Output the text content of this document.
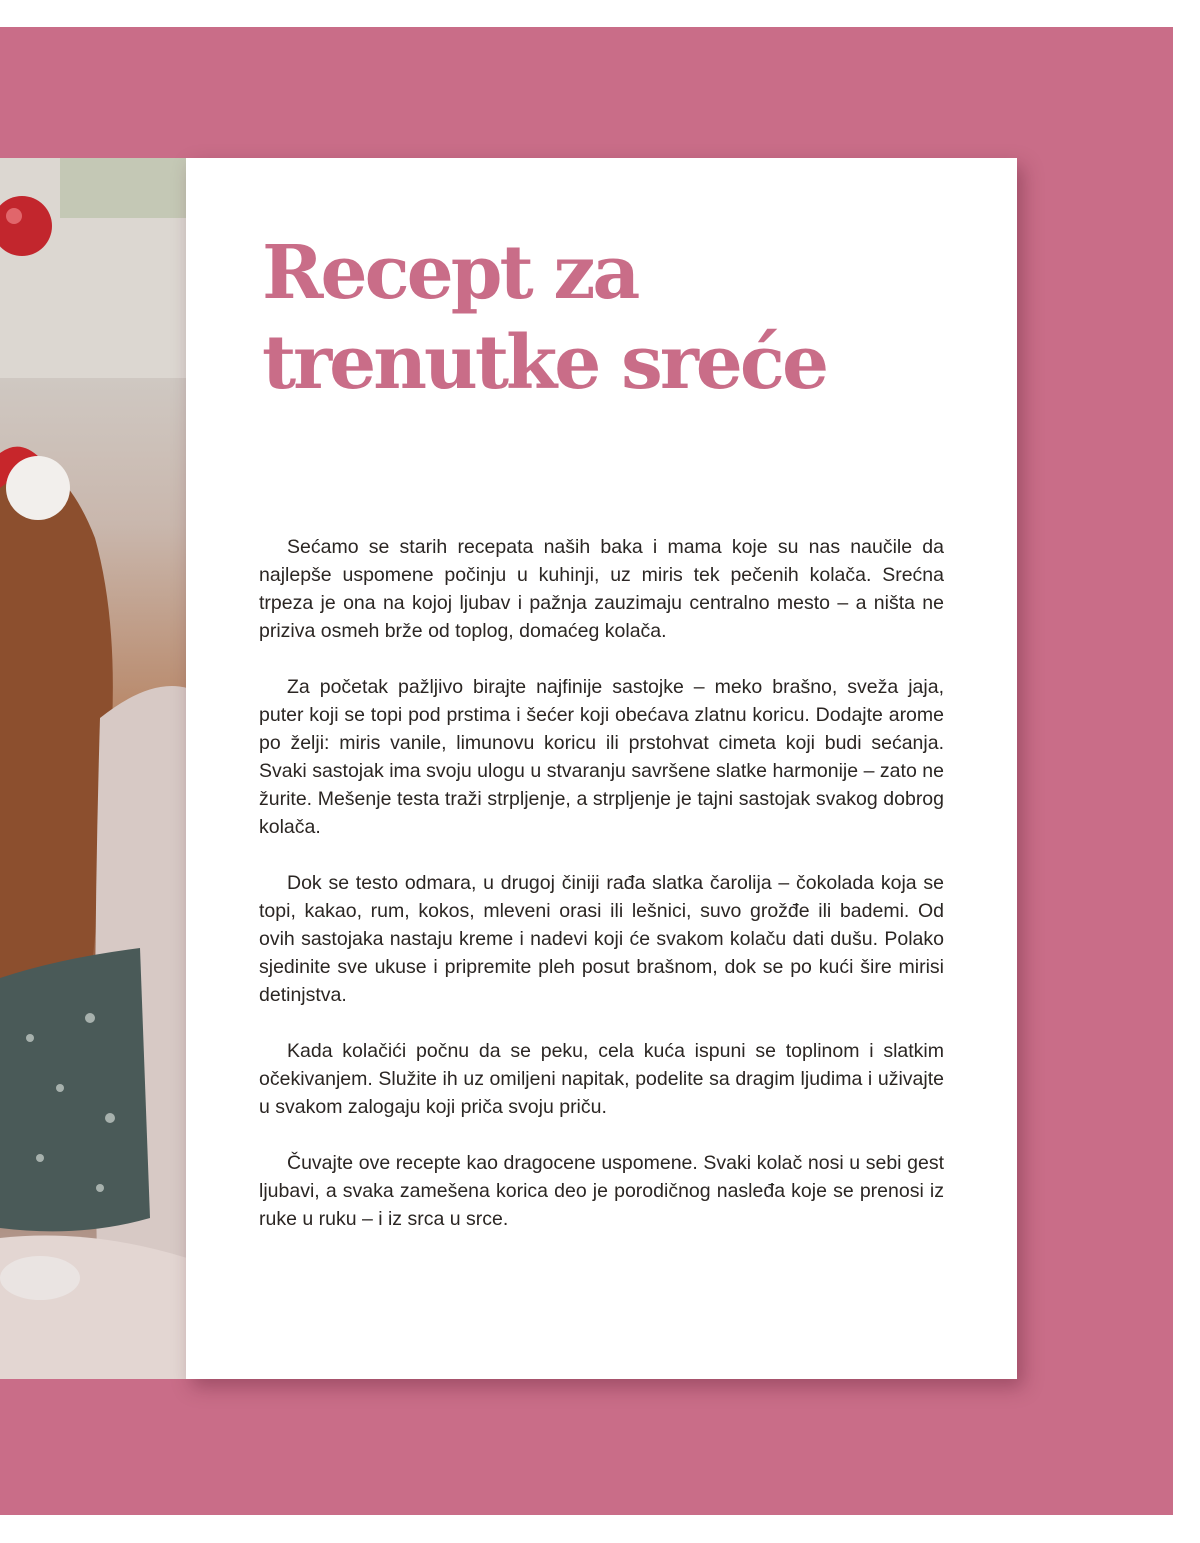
Recept za
trenutke sreće

Sećamo se starih recepata naših baka i mama koje su nas naučile da najlepše uspomene počinju u kuhinji, uz miris tek pečenih kolača. Srećna trpeza je ona na kojoj ljubav i pažnja zauzimaju centralno mesto – a ništa ne priziva osmeh brže od toplog, domaćeg kolača.

Za početak pažljivo birajte najfinije sastojke – meko brašno, sveža jaja, puter koji se topi pod prstima i šećer koji obećava zlatnu koricu. Dodajte arome po želji: miris vanile, limunovu koricu ili prstohvat cimeta koji budi sećanja. Svaki sastojak ima svoju ulogu u stvaranju savršene slatke harmonije – zato ne žurite. Mešenje testa traži strpljenje, a strpljenje je tajni sastojak svakog dobrog kolača.

Dok se testo odmara, u drugoj činiji rađa slatka čarolija – čokolada koja se topi, kakao, rum, kokos, mleveni orasi ili lešnici, suvo grožđe ili bademi. Od ovih sastojaka nastaju kreme i nadevi koji će svakom kolaču dati dušu. Polako sjedinite sve ukuse i pripremite pleh posut brašnom, dok se po kući šire mirisi detinjstva.

Kada kolačići počnu da se peku, cela kuća ispuni se toplinom i slatkim očekivanjem. Služite ih uz omiljeni napitak, podelite sa dragim ljudima i uživajte u svakom zalogaju koji priča svoju priču.

Čuvajte ove recepte kao dragocene uspomene. Svaki kolač nosi u sebi gest ljubavi, a svaka zamešena korica deo je porodičnog nasleđa koje se prenosi iz ruke u ruku – i iz srca u srce.
